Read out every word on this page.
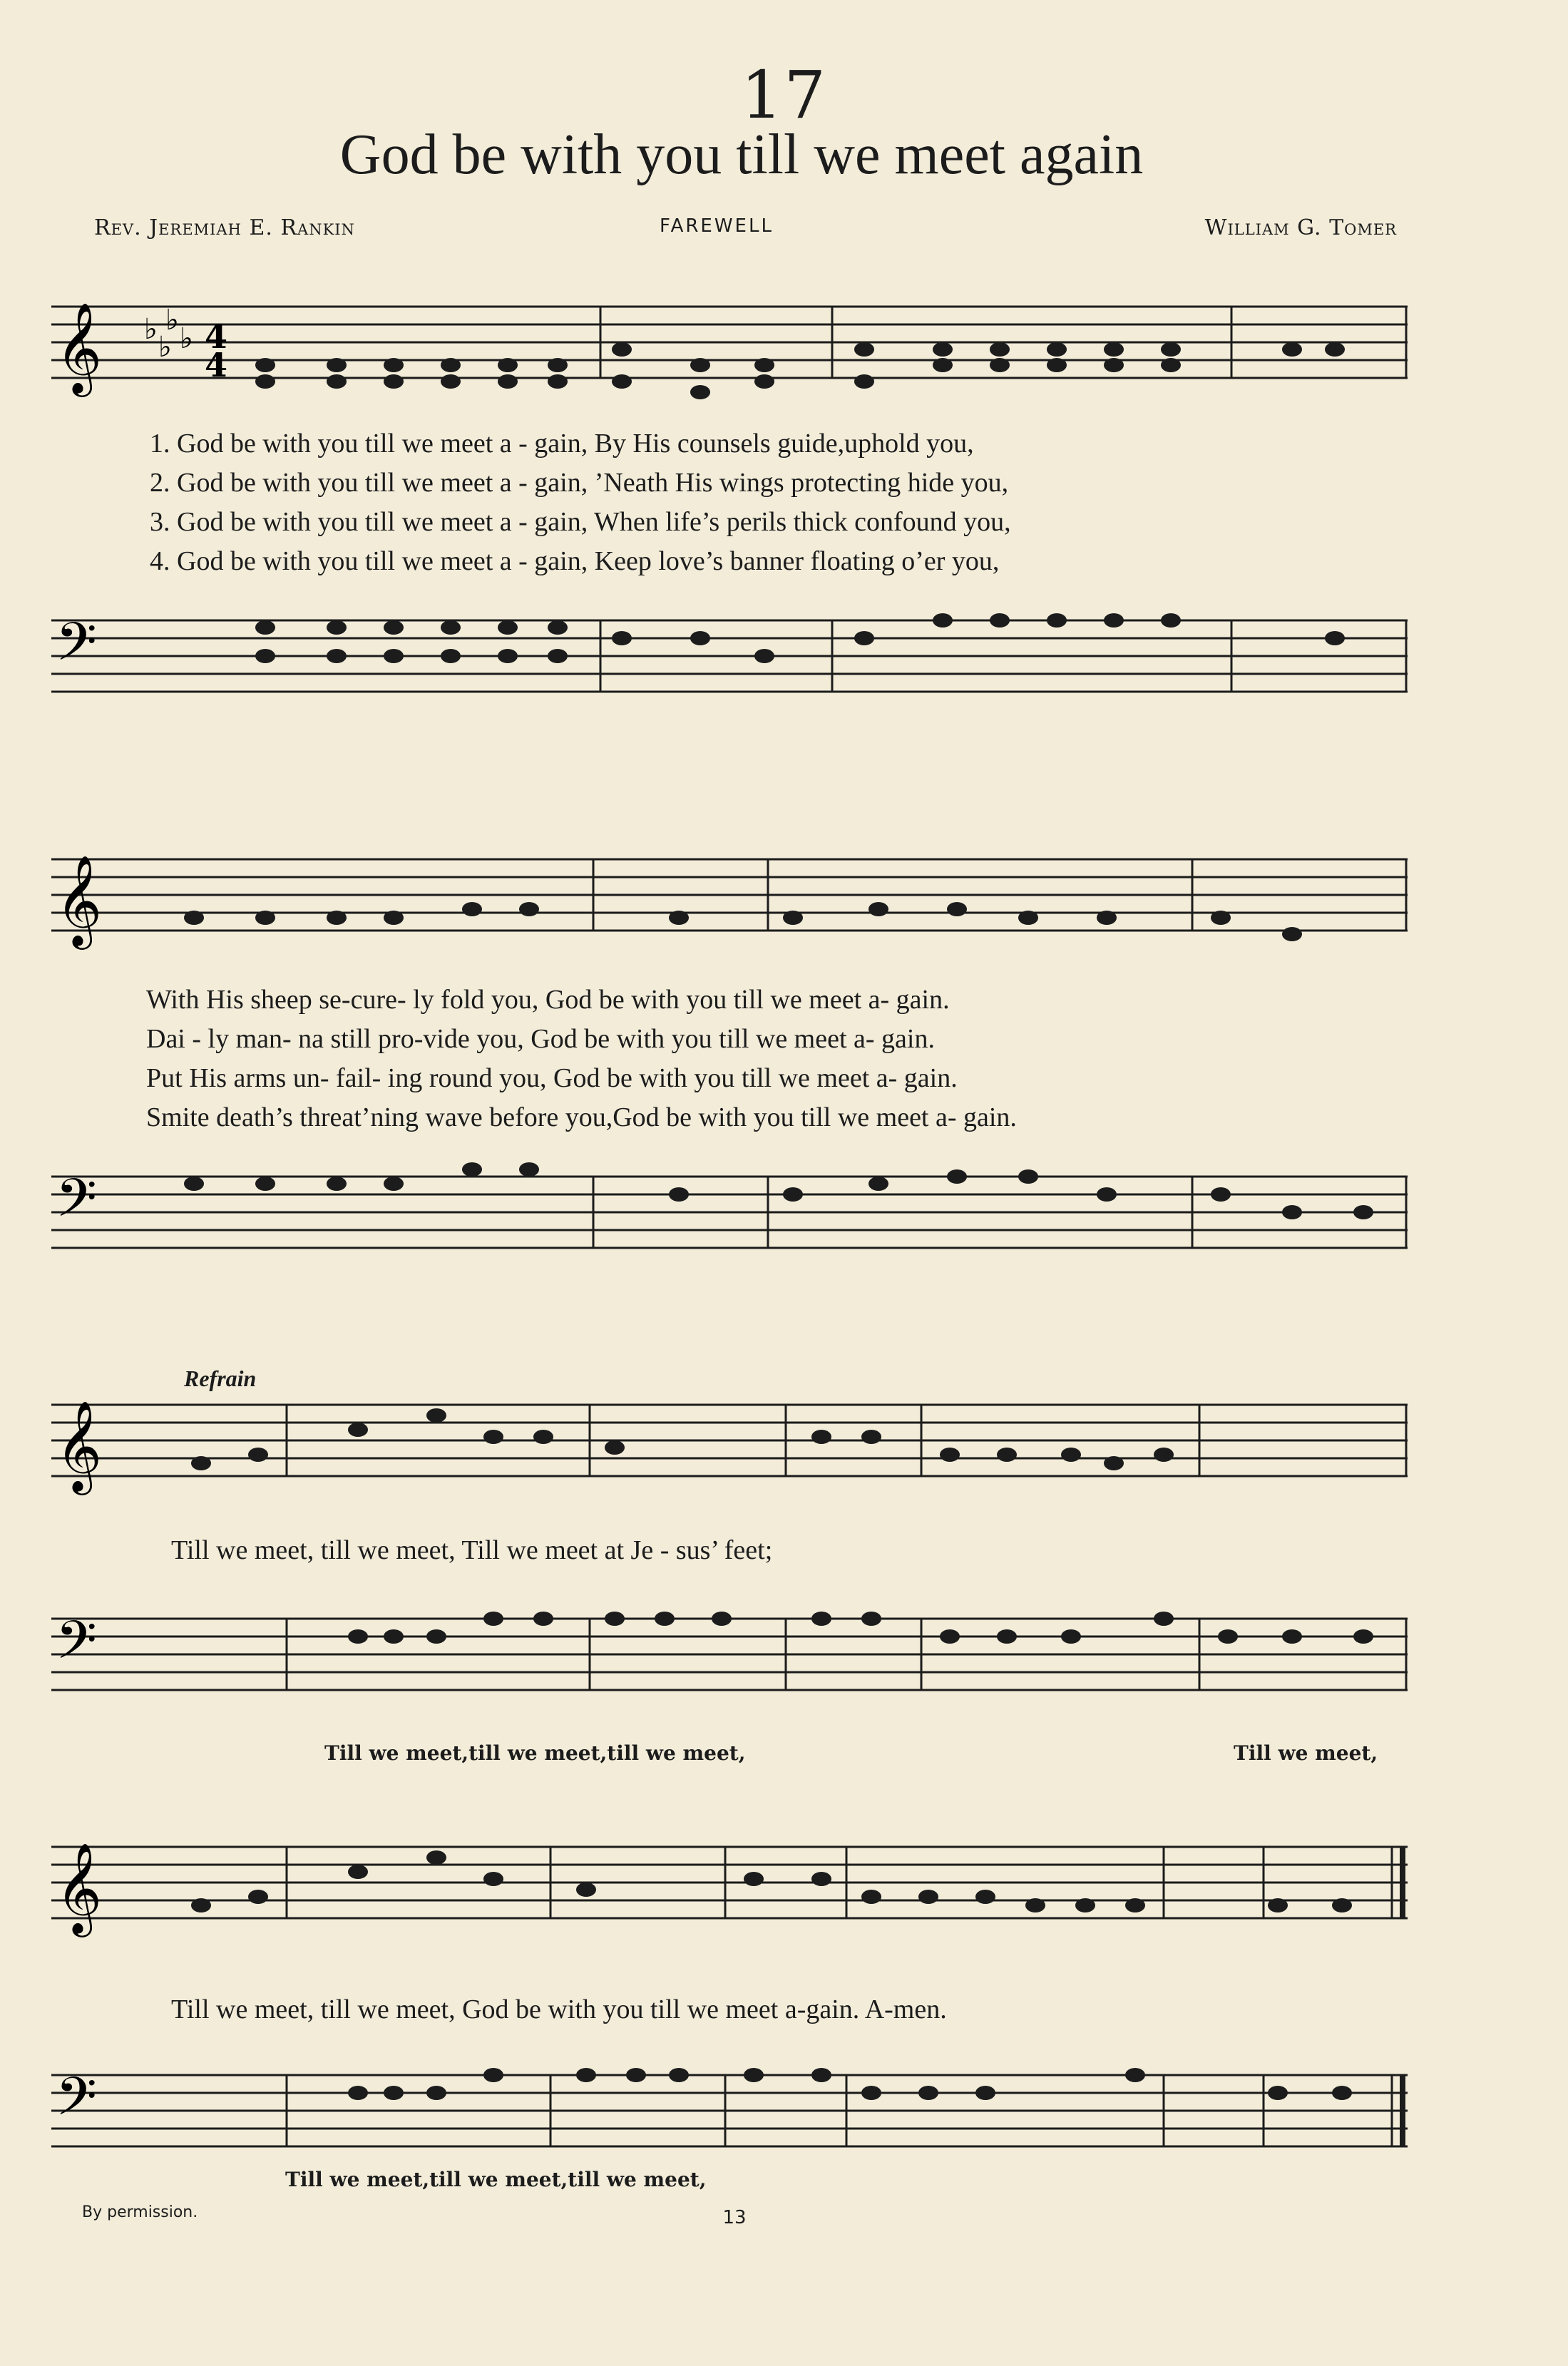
17
God be with you till we meet again
Rev. Jeremiah E. Rankin	FAREWELL	William G. Tomer
𝄞 ♭ ♭
♭ ♭ 4
4
1. God be with you till we meet a - gain, By His counsels guide,uphold you,
2. God be with you till we meet a - gain, ’Neath His wings protecting hide you,
3. God be with you till we meet a - gain, When life’s perils thick confound you,
4. God be with you till we meet a - gain, Keep love’s banner floating o’er you,
𝄢
𝄞
With His sheep se-cure- ly fold you, God be with you till we meet a- gain.
Dai - ly man- na still pro-vide you, God be with you till we meet a- gain.
Put His arms un- fail- ing round you, God be with you till we meet a- gain.
Smite death’s threat’ning wave before you,God be with you till we meet a- gain.
𝄢
Refrain
𝄞
Till we meet, till we meet, Till we meet at Je - sus’ feet;
𝄢
Till we meet,till we meet,till we meet,	Till we meet,
𝄞
Till we meet, till we meet, God be with you till we meet a-gain. A-men.
𝄢
Till we meet,till we meet,till we meet,
By permission.	13
